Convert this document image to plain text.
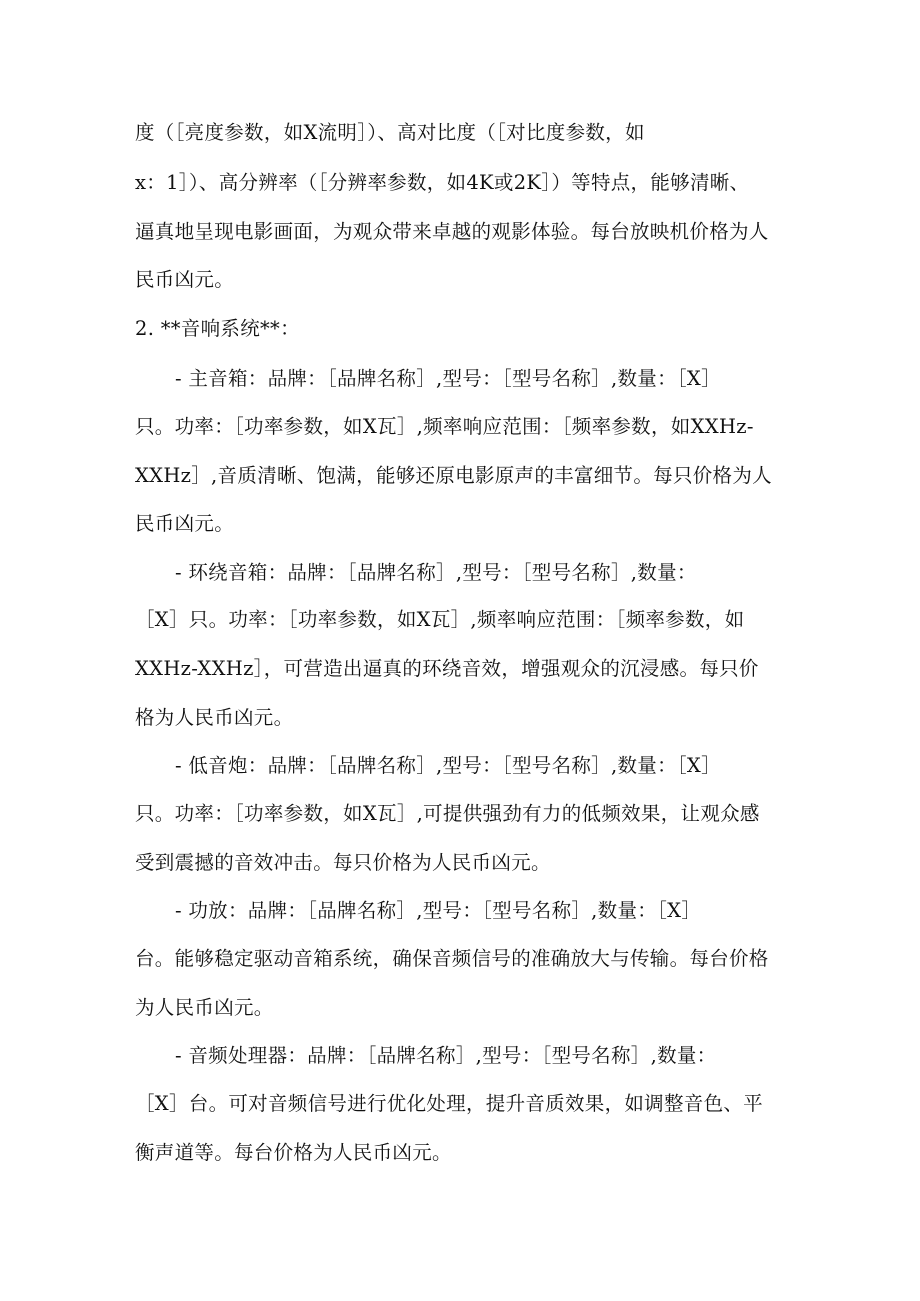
度（［亮度参数，如X流明］）、高对比度（［对比度参数，如
x：1］）、高分辨率（［分辨率参数，如4K或2K］）等特点，能够清晰、
逼真地呈现电影画面，为观众带来卓越的观影体验。每台放映机价格为人
民币凶元。
2. **音响系统**：
- 主音箱：品牌：［品牌名称］,型号：［型号名称］,数量：［X］
只。功率：［功率参数，如X瓦］,频率响应范围：［频率参数，如XXHz-
XXHz］,音质清晰、饱满，能够还原电影原声的丰富细节。每只价格为人
民币凶元。
- 环绕音箱：品牌：［品牌名称］,型号：［型号名称］,数量：
［X］只。功率：［功率参数，如X瓦］,频率响应范围：［频率参数，如
XXHz-XXHz］，可营造出逼真的环绕音效，增强观众的沉浸感。每只价
格为人民币凶元。
- 低音炮：品牌：［品牌名称］,型号：［型号名称］,数量：［X］
只。功率：［功率参数，如X瓦］,可提供强劲有力的低频效果，让观众感
受到震撼的音效冲击。每只价格为人民币凶元。
- 功放：品牌：［品牌名称］,型号：［型号名称］,数量：［X］
台。能够稳定驱动音箱系统，确保音频信号的准确放大与传输。每台价格
为人民币凶元。
- 音频处理器：品牌：［品牌名称］,型号：［型号名称］,数量：
［X］台。可对音频信号进行优化处理，提升音质效果，如调整音色、平
衡声道等。每台价格为人民币凶元。
